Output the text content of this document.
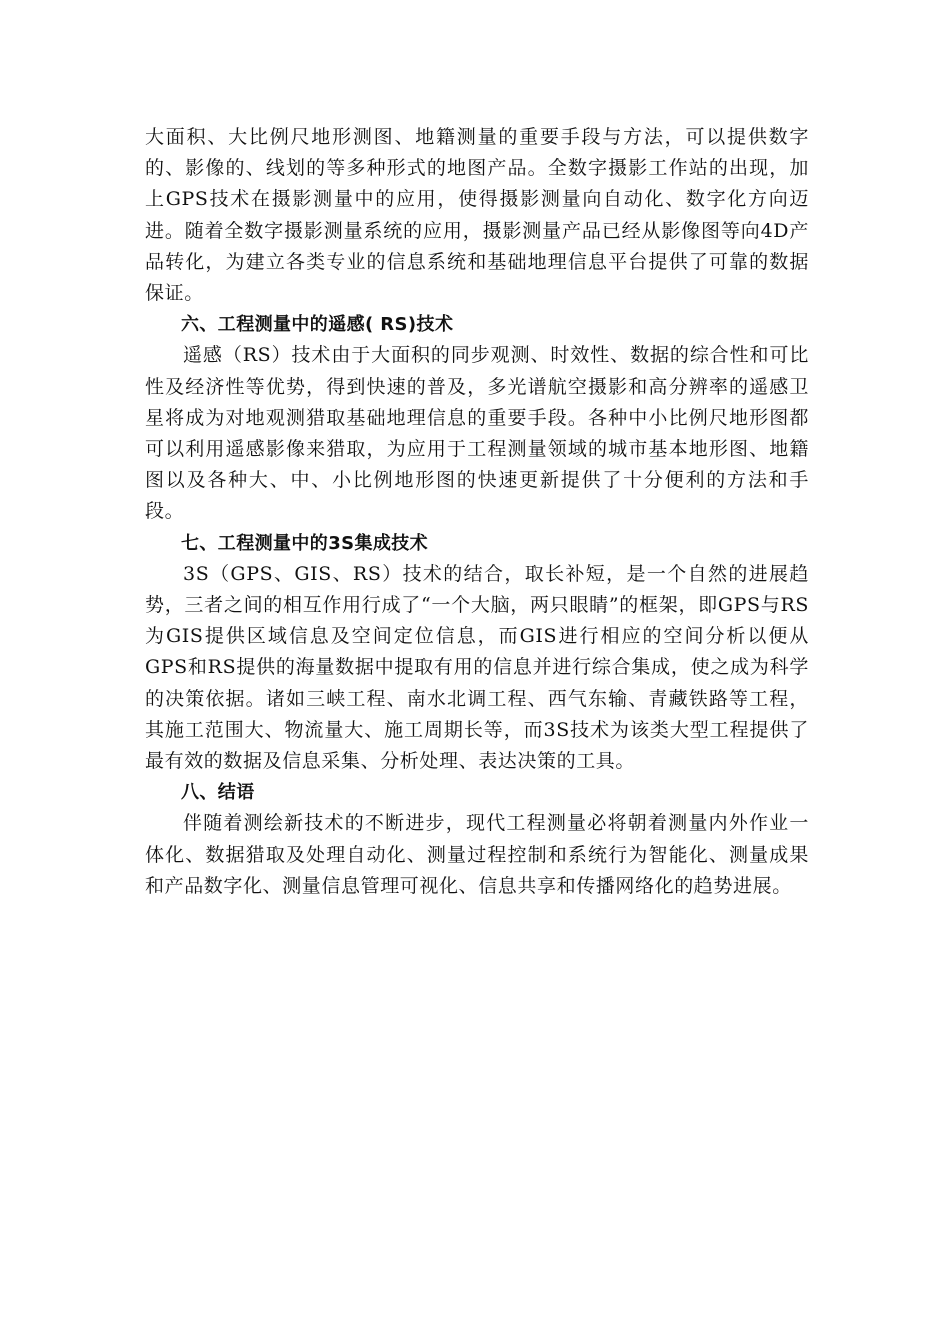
大面积、大比例尺地形测图、地籍测量的重要手段与方法，可以提供数字的、影像的、线划的等多种形式的地图产品。全数字摄影工作站的出现，加上GPS技术在摄影测量中的应用，使得摄影测量向自动化、数字化方向迈进。随着全数字摄影测量系统的应用，摄影测量产品已经从影像图等向4D产品转化，为建立各类专业的信息系统和基础地理信息平台提供了可靠的数据保证。

六、工程测量中的遥感( RS)技术

遥感（RS）技术由于大面积的同步观测、时效性、数据的综合性和可比性及经济性等优势，得到快速的普及，多光谱航空摄影和高分辨率的遥感卫星将成为对地观测猎取基础地理信息的重要手段。各种中小比例尺地形图都可以利用遥感影像来猎取，为应用于工程测量领域的城市基本地形图、地籍图以及各种大、中、小比例地形图的快速更新提供了十分便利的方法和手段。

七、工程测量中的3S集成技术

3S（GPS、GIS、RS）技术的结合，取长补短，是一个自然的进展趋势，三者之间的相互作用行成了“一个大脑，两只眼睛”的框架，即GPS与RS为GIS提供区域信息及空间定位信息，而GIS进行相应的空间分析以便从GPS和RS提供的海量数据中提取有用的信息并进行综合集成，使之成为科学的决策依据。诸如三峡工程、南水北调工程、西气东输、青藏铁路等工程，其施工范围大、物流量大、施工周期长等，而3S技术为该类大型工程提供了最有效的数据及信息采集、分析处理、表达决策的工具。

八、结语

伴随着测绘新技术的不断进步，现代工程测量必将朝着测量内外作业一体化、数据猎取及处理自动化、测量过程控制和系统行为智能化、测量成果和产品数字化、测量信息管理可视化、信息共享和传播网络化的趋势进展。
